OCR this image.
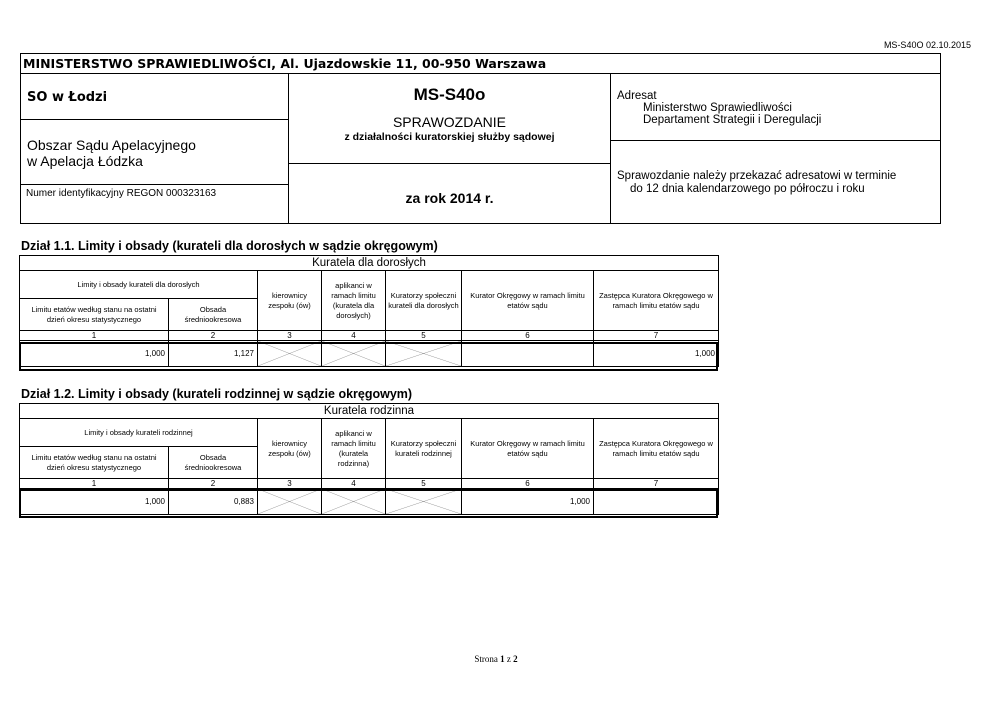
MS-S40O 02.10.2015
MINISTERSTWO SPRAWIEDLIWOŚCI, Al. Ujazdowskie 11, 00-950 Warszawa
SO w Łodzi
Obszar Sądu Apelacyjnego
w Apelacja Łódzka
Numer identyfikacyjny REGON 000323163
MS-S40o
SPRAWOZDANIE
z działalności kuratorskiej służby sądowej
za rok 2014 r.
Adresat
Ministerstwo Sprawiedliwości
Departament Strategii i Deregulacji
Sprawozdanie należy przekazać adresatowi w terminie
do 12 dnia kalendarzowego po półroczu i roku
Dział 1.1. Limity i obsady (kurateli dla dorosłych w sądzie okręgowym)
Kuratela dla dorosłych						
Limity i obsady kurateli dla dorosłych		kierownicy zespołu (ów)	aplikanci w ramach limitu (kuratela dla dorosłych)	Kuratorzy społeczni kurateli dla dorosłych	Kurator Okręgowy w ramach limitu etatów sądu	Zastępca Kuratora Okręgowego w ramach limitu etatów sądu
Limitu etatów według stanu na ostatni dzień okresu statystycznego	Obsada średniookresowa					
1	2	3	4	5	6	7
1,000	1,127					1,000
Dział 1.2. Limity i obsady (kurateli rodzinnej w sądzie okręgowym)
Kuratela rodzinna						
Limity i obsady kurateli rodzinnej		kierownicy zespołu (ów)	aplikanci w ramach limitu (kuratela rodzinna)	Kuratorzy społeczni kurateli rodzinnej	Kurator Okręgowy w ramach limitu etatów sądu	Zastępca Kuratora Okręgowego w ramach limitu etatów sądu
Limitu etatów według stanu na ostatni dzień okresu statystycznego	Obsada średniookresowa					
1	2	3	4	5	6	7
1,000	0,883				1,000	
Strona 1 z 2
